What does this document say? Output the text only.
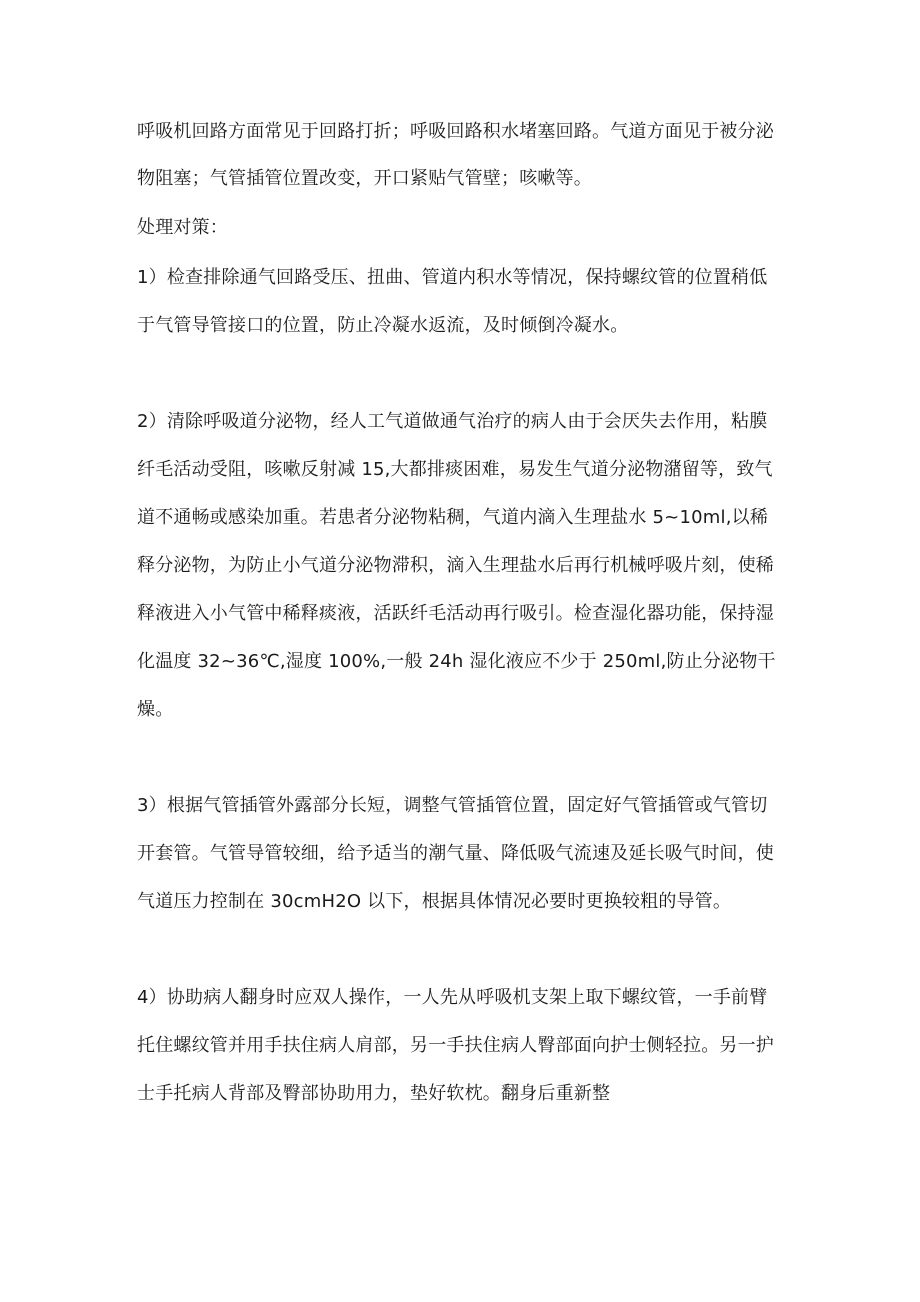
呼吸机回路方面常见于回路打折；呼吸回路积水堵塞回路。气道方面见于被分泌
物阻塞；气管插管位置改变，开口紧贴气管壁；咳嗽等。
处理对策：
1）检查排除通气回路受压、扭曲、管道内积水等情况，保持螺纹管的位置稍低
于气管导管接口的位置，防止冷凝水返流，及时倾倒冷凝水。
2）清除呼吸道分泌物，经人工气道做通气治疗的病人由于会厌失去作用，粘膜
纤毛活动受阻，咳嗽反射减 15,大都排痰困难，易发生气道分泌物潴留等，致气
道不通畅或感染加重。若患者分泌物粘稠，气道内滴入生理盐水 5~10ml,以稀
释分泌物，为防止小气道分泌物滞积，滴入生理盐水后再行机械呼吸片刻，使稀
释液进入小气管中稀释痰液，活跃纤毛活动再行吸引。检查湿化器功能，保持湿
化温度 32~36℃,湿度 100%,一般 24h 湿化液应不少于 250ml,防止分泌物干
燥。
3）根据气管插管外露部分长短，调整气管插管位置，固定好气管插管或气管切
开套管。气管导管较细，给予适当的潮气量、降低吸气流速及延长吸气时间，使
气道压力控制在 30cmH2O 以下，根据具体情况必要时更换较粗的导管。
4）协助病人翻身时应双人操作，一人先从呼吸机支架上取下螺纹管，一手前臂
托住螺纹管并用手扶住病人肩部，另一手扶住病人臀部面向护士侧轻拉。另一护
士手托病人背部及臀部协助用力，垫好软枕。翻身后重新整
